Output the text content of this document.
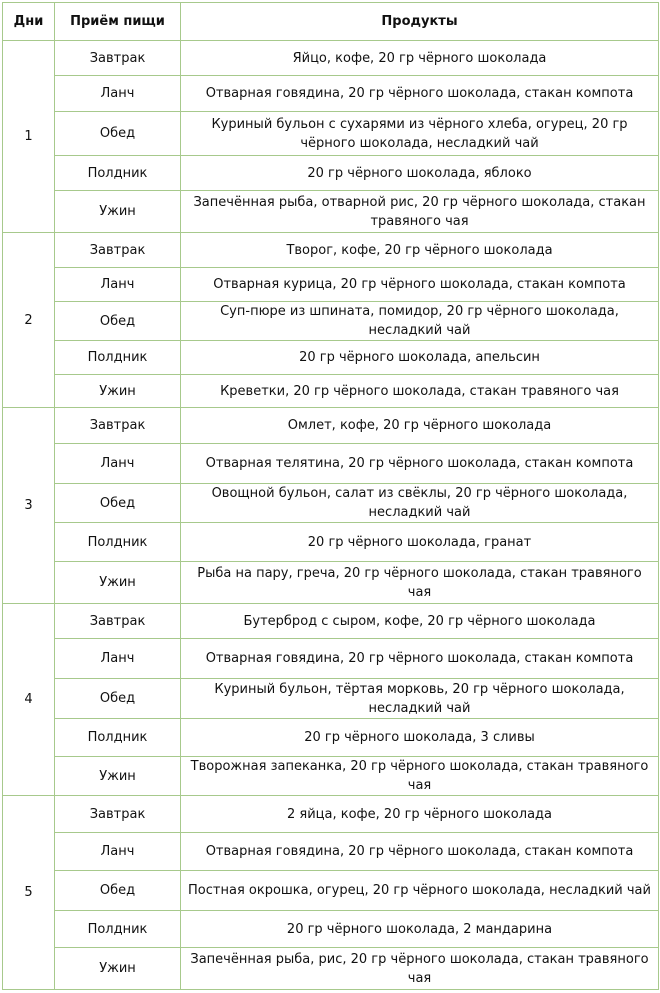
Дни	Приём пищи	Продукты
1	Завтрак	Яйцо, кофе, 20 гр чёрного шоколада
	Ланч	Отварная говядина, 20 гр чёрного шоколада, стакан компота
	Обед	Куриный бульон с сухарями из чёрного хлеба, огурец, 20 гр чёрного шоколада, несладкий чай
	Полдник	20 гр чёрного шоколада, яблоко
	Ужин	Запечённая рыба, отварной рис, 20 гр чёрного шоколада, стакан травяного чая
2	Завтрак	Творог, кофе, 20 гр чёрного шоколада
	Ланч	Отварная курица, 20 гр чёрного шоколада, стакан компота
	Обед	Суп-пюре из шпината, помидор, 20 гр чёрного шоколада, несладкий чай
	Полдник	20 гр чёрного шоколада, апельсин
	Ужин	Креветки, 20 гр чёрного шоколада, стакан травяного чая
3	Завтрак	Омлет, кофе, 20 гр чёрного шоколада
	Ланч	Отварная телятина, 20 гр чёрного шоколада, стакан компота
	Обед	Овощной бульон, салат из свёклы, 20 гр чёрного шоколада, несладкий чай
	Полдник	20 гр чёрного шоколада, гранат
	Ужин	Рыба на пару, греча, 20 гр чёрного шоколада, стакан травяного чая
4	Завтрак	Бутерброд с сыром, кофе, 20 гр чёрного шоколада
	Ланч	Отварная говядина, 20 гр чёрного шоколада, стакан компота
	Обед	Куриный бульон, тёртая морковь, 20 гр чёрного шоколада, несладкий чай
	Полдник	20 гр чёрного шоколада, 3 сливы
	Ужин	Творожная запеканка, 20 гр чёрного шоколада, стакан травяного чая
5	Завтрак	2 яйца, кофе, 20 гр чёрного шоколада
	Ланч	Отварная говядина, 20 гр чёрного шоколада, стакан компота
	Обед	Постная окрошка, огурец, 20 гр чёрного шоколада, несладкий чай
	Полдник	20 гр чёрного шоколада, 2 мандарина
	Ужин	Запечённая рыба, рис, 20 гр чёрного шоколада, стакан травяного чая
